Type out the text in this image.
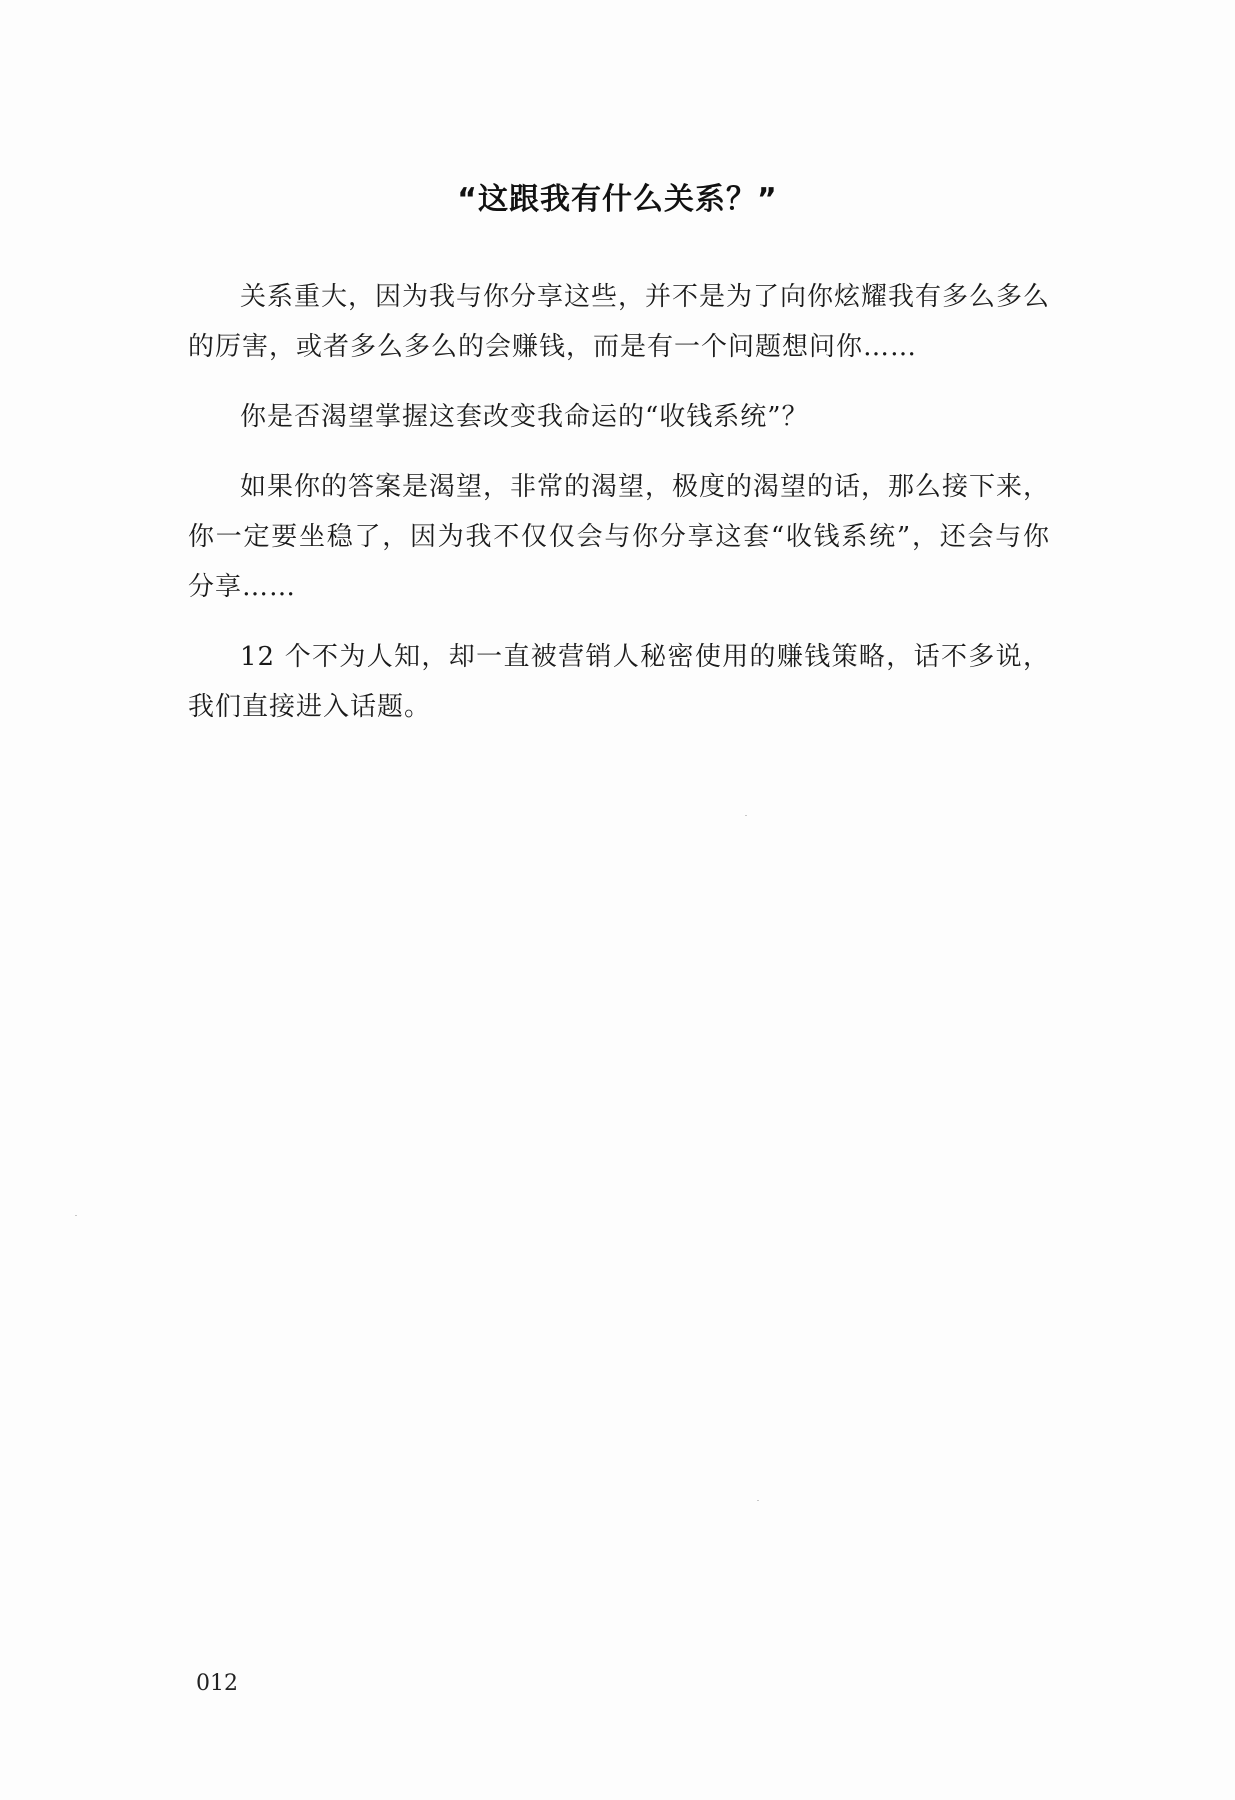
“这跟我有什么关系？”

关系重大，因为我与你分享这些，并不是为了向你炫耀我有多么多么的厉害，或者多么多么的会赚钱，而是有一个问题想问你……

你是否渴望掌握这套改变我命运的“收钱系统”？

如果你的答案是渴望，非常的渴望，极度的渴望的话，那么接下来，你一定要坐稳了，因为我不仅仅会与你分享这套“收钱系统”，还会与你分享……

12 个不为人知，却一直被营销人秘密使用的赚钱策略，话不多说，我们直接进入话题。

012
